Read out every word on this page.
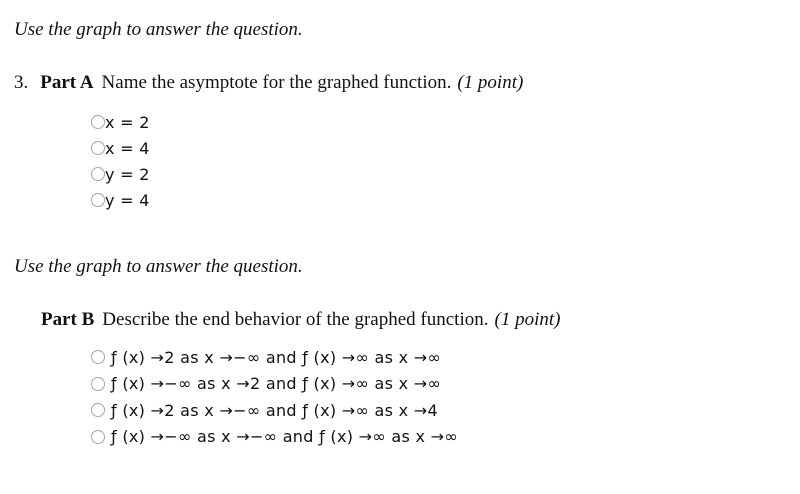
Use the graph to answer the question.
3. Part A Name the asymptote for the graphed function. (1 point)
x = 2
x = 4
y = 2
y = 4
Use the graph to answer the question.
Part B Describe the end behavior of the graphed function. (1 point)
ƒ (x) →2 as x →−∞ and ƒ (x) →∞ as x →∞
ƒ (x) →−∞ as x →2 and ƒ (x) →∞ as x →∞
ƒ (x) →2 as x →−∞ and ƒ (x) →∞ as x →4
ƒ (x) →−∞ as x →−∞ and ƒ (x) →∞ as x →∞
